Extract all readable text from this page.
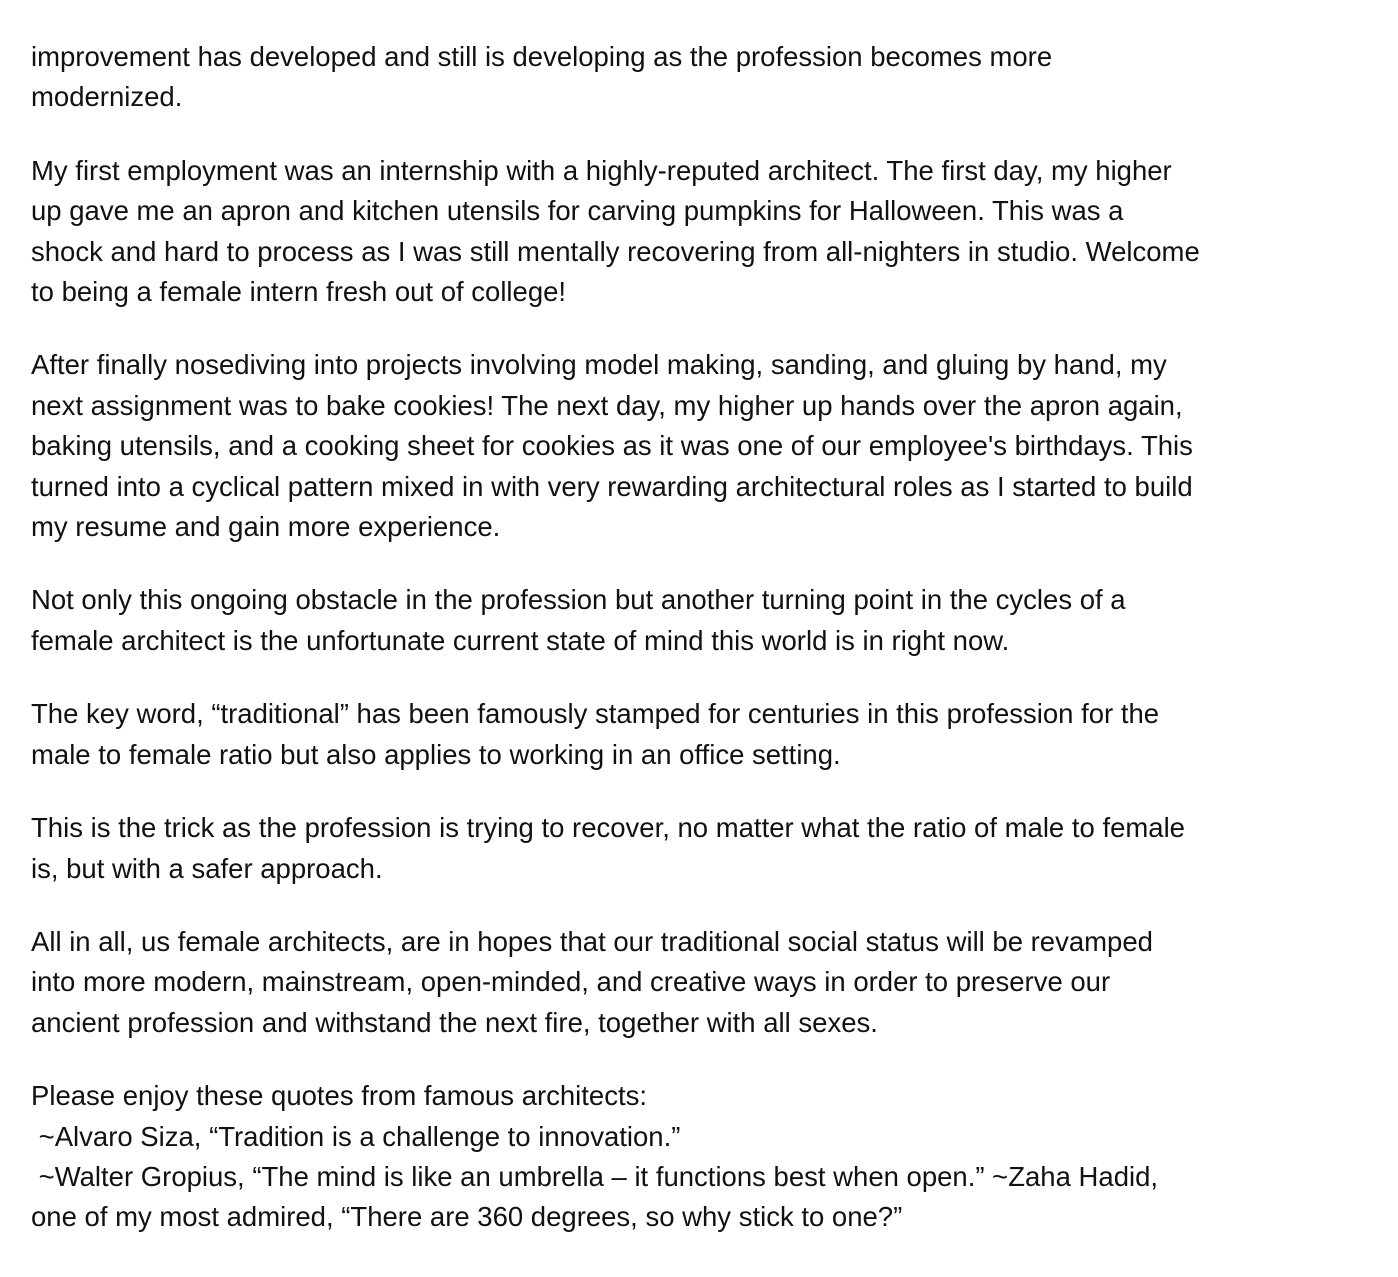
improvement has developed and still is developing as the profession becomes more
modernized.

My first employment was an internship with a highly-reputed architect. The first day, my higher
up gave me an apron and kitchen utensils for carving pumpkins for Halloween. This was a
shock and hard to process as I was still mentally recovering from all-nighters in studio. Welcome
to being a female intern fresh out of college!

After finally nosediving into projects involving model making, sanding, and gluing by hand, my
next assignment was to bake cookies! The next day, my higher up hands over the apron again,
baking utensils, and a cooking sheet for cookies as it was one of our employee's birthdays. This
turned into a cyclical pattern mixed in with very rewarding architectural roles as I started to build
my resume and gain more experience.

Not only this ongoing obstacle in the profession but another turning point in the cycles of a
female architect is the unfortunate current state of mind this world is in right now.

The key word, “traditional” has been famously stamped for centuries in this profession for the
male to female ratio but also applies to working in an office setting.

This is the trick as the profession is trying to recover, no matter what the ratio of male to female
is, but with a safer approach.

All in all, us female architects, are in hopes that our traditional social status will be revamped
into more modern, mainstream, open-minded, and creative ways in order to preserve our
ancient profession and withstand the next fire, together with all sexes.

Please enjoy these quotes from famous architects:
~Alvaro Siza, “Tradition is a challenge to innovation.”
~Walter Gropius, “The mind is like an umbrella – it functions best when open.” ~Zaha Hadid,
one of my most admired, “There are 360 degrees, so why stick to one?”
